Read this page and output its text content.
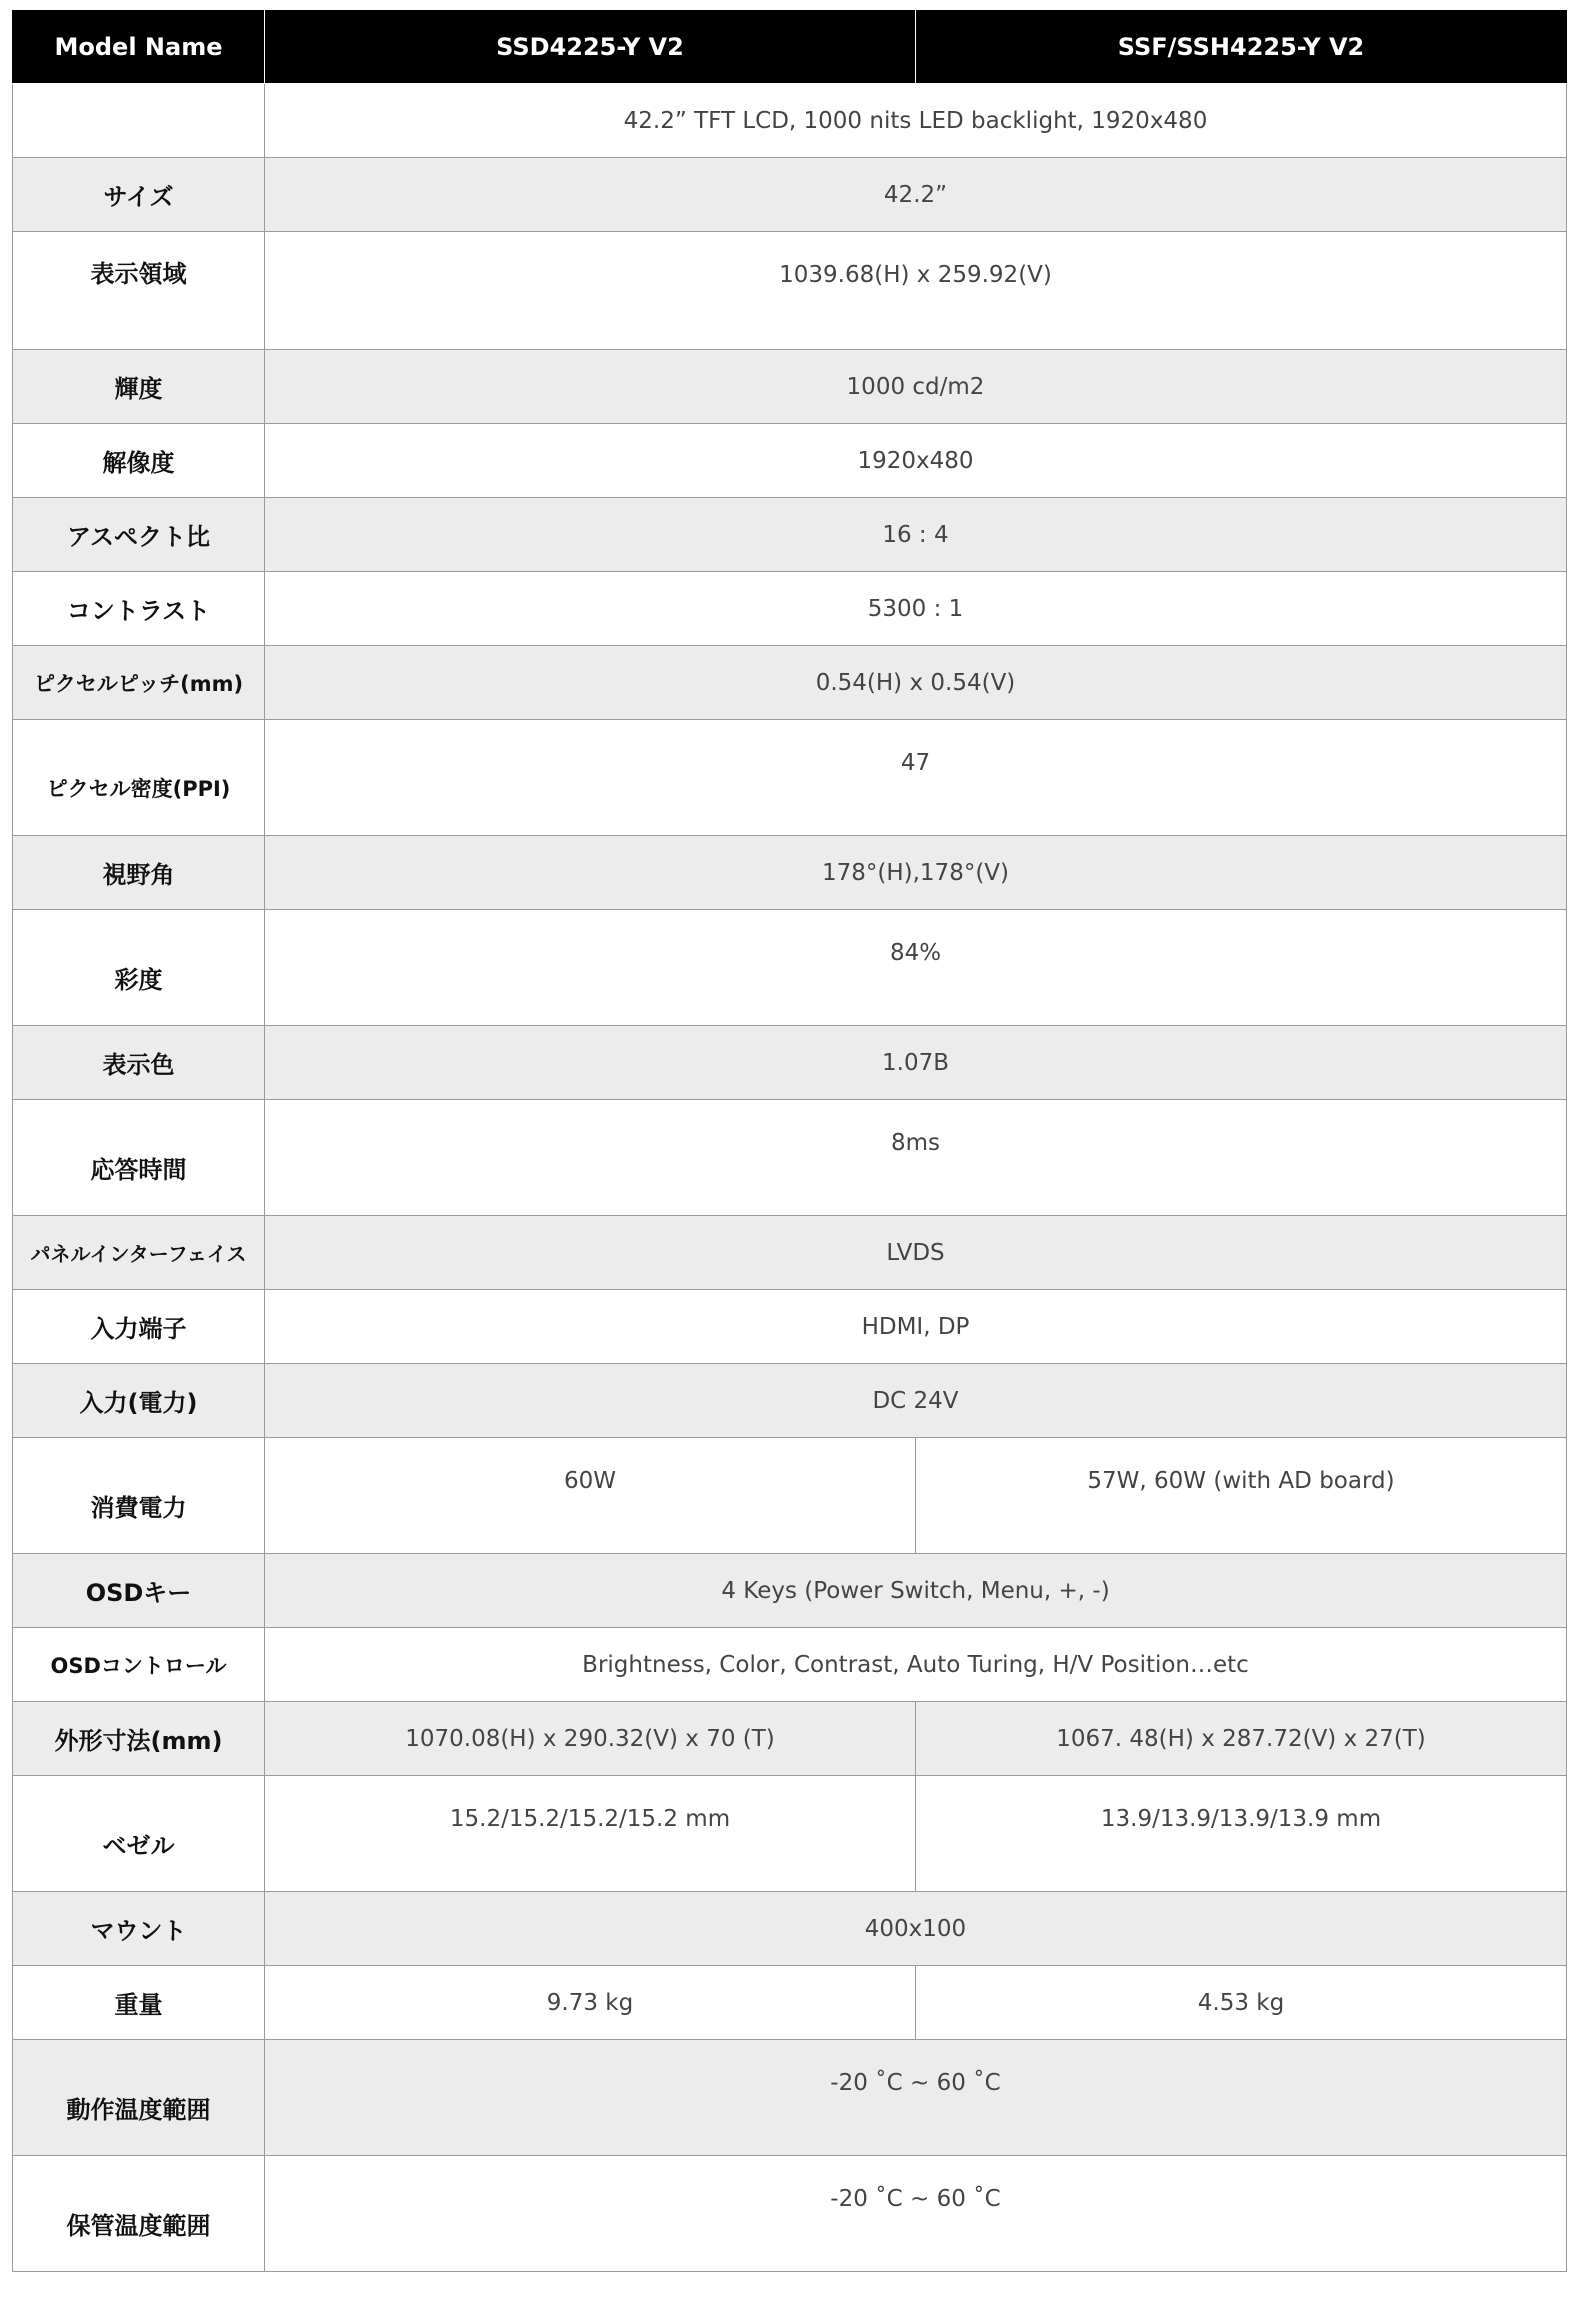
Model Name	SSD4225-Y V2	SSF/SSH4225-Y V2
	42.2” TFT LCD, 1000 nits LED backlight, 1920x480	
サイズ	42.2”	
表示領域	1039.68(H) x 259.92(V)	
輝度	1000 cd/m2	
解像度	1920x480	
アスペクト比	16 : 4	
コントラスト	5300 : 1	
ピクセルピッチ(mm)	0.54(H) x 0.54(V)	
ピクセル密度(PPI)	47	
視野角	178°(H),178°(V)	
彩度	84%	
表示色	1.07B	
応答時間	8ms	
パネルインターフェイス	LVDS	
入力端子	HDMI, DP	
入力(電力)	DC 24V	
消費電力	60W	57W, 60W (with AD board)
OSDキー	4 Keys (Power Switch, Menu, +, -)	
OSDコントロール	Brightness, Color, Contrast, Auto Turing, H/V Position…etc	
外形寸法(mm)	1070.08(H) x 290.32(V) x 70 (T)	1067. 48(H) x 287.72(V) x 27(T)
ベゼル	15.2/15.2/15.2/15.2 mm	13.9/13.9/13.9/13.9 mm
マウント	400x100	
重量	9.73 kg	4.53 kg
動作温度範囲	-20 ˚C ~ 60 ˚C	
保管温度範囲	-20 ˚C ~ 60 ˚C	
